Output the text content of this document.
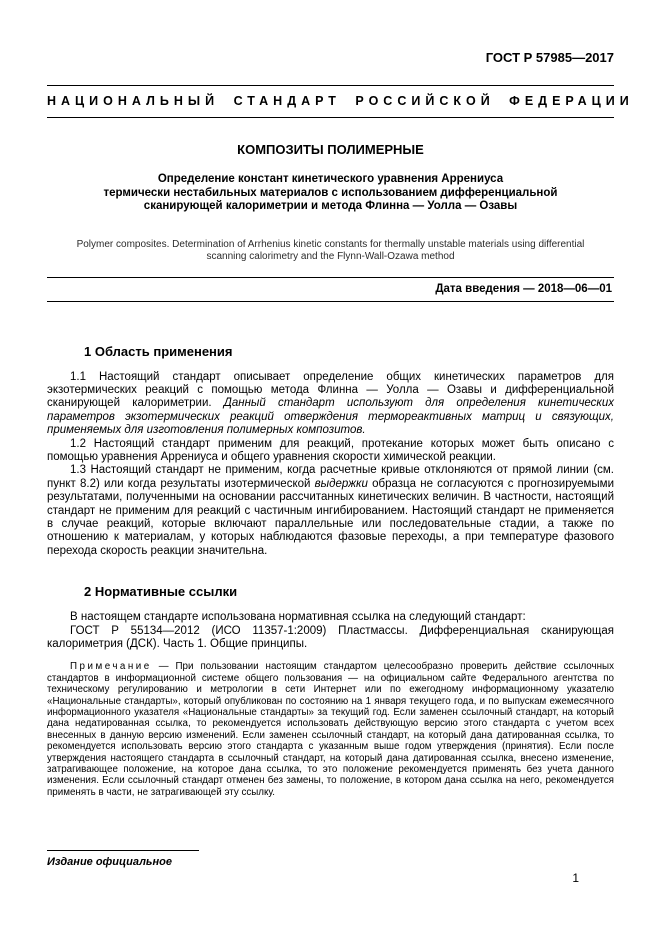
ГОСТ Р 57985—2017
НАЦИОНАЛЬНЫЙ СТАНДАРТ РОССИЙСКОЙ ФЕДЕРАЦИИ
КОМПОЗИТЫ ПОЛИМЕРНЫЕ
Определение констант кинетического уравнения Аррениуса
термически нестабильных материалов с использованием дифференциальной
сканирующей калориметрии и метода Флинна — Уолла — Озавы
Polymer composites. Determination of Arrhenius kinetic constants for thermally unstable materials using differential scanning calorimetry and the Flynn-Wall-Ozawa method
Дата введения — 2018—06—01
1 Область применения

1.1 Настоящий стандарт описывает определение общих кинетических параметров для экзотермических реакций с помощью метода Флинна — Уолла — Озавы и дифференциальной сканирующей калориметрии. Данный стандарт используют для определения кинетических параметров экзотермических реакций отверждения термореактивных матриц и связующих, применяемых для изготовления полимерных композитов.

1.2 Настоящий стандарт применим для реакций, протекание которых может быть описано с помощью уравнения Аррениуса и общего уравнения скорости химической реакции.

1.3 Настоящий стандарт не применим, когда расчетные кривые отклоняются от прямой линии (см. пункт 8.2) или когда результаты изотермической выдержки образца не согласуются с прогнозируемыми результатами, полученными на основании рассчитанных кинетических величин. В частности, настоящий стандарт не применим для реакций с частичным ингибированием. Настоящий стандарт не применяется в случае реакций, которые включают параллельные или последовательные стадии, а также по отношению к материалам, у которых наблюдаются фазовые переходы, а при температуре фазового перехода скорость реакции значительна.

2 Нормативные ссылки

В настоящем стандарте использована нормативная ссылка на следующий стандарт:

ГОСТ Р 55134—2012 (ИСО 11357-1:2009) Пластмассы. Дифференциальная сканирующая калориметрия (ДСК). Часть 1. Общие принципы.

Примечание — При пользовании настоящим стандартом целесообразно проверить действие ссылочных стандартов в информационной системе общего пользования — на официальном сайте Федерального агентства по техническому регулированию и метрологии в сети Интернет или по ежегодному информационному указателю «Национальные стандарты», который опубликован по состоянию на 1 января текущего года, и по выпускам ежемесячного информационного указателя «Национальные стандарты» за текущий год. Если заменен ссылочный стандарт, на который дана недатированная ссылка, то рекомендуется использовать действующую версию этого стандарта с учетом всех внесенных в данную версию изменений. Если заменен ссылочный стандарт, на который дана датированная ссылка, то рекомендуется использовать версию этого стандарта с указанным выше годом утверждения (принятия). Если после утверждения настоящего стандарта в ссылочный стандарт, на который дана датированная ссылка, внесено изменение, затрагивающее положение, на которое дана ссылка, то это положение рекомендуется применять без учета данного изменения. Если ссылочный стандарт отменен без замены, то положение, в котором дана ссылка на него, рекомендуется применять в части, не затрагивающей эту ссылку.

Издание официальное
1
